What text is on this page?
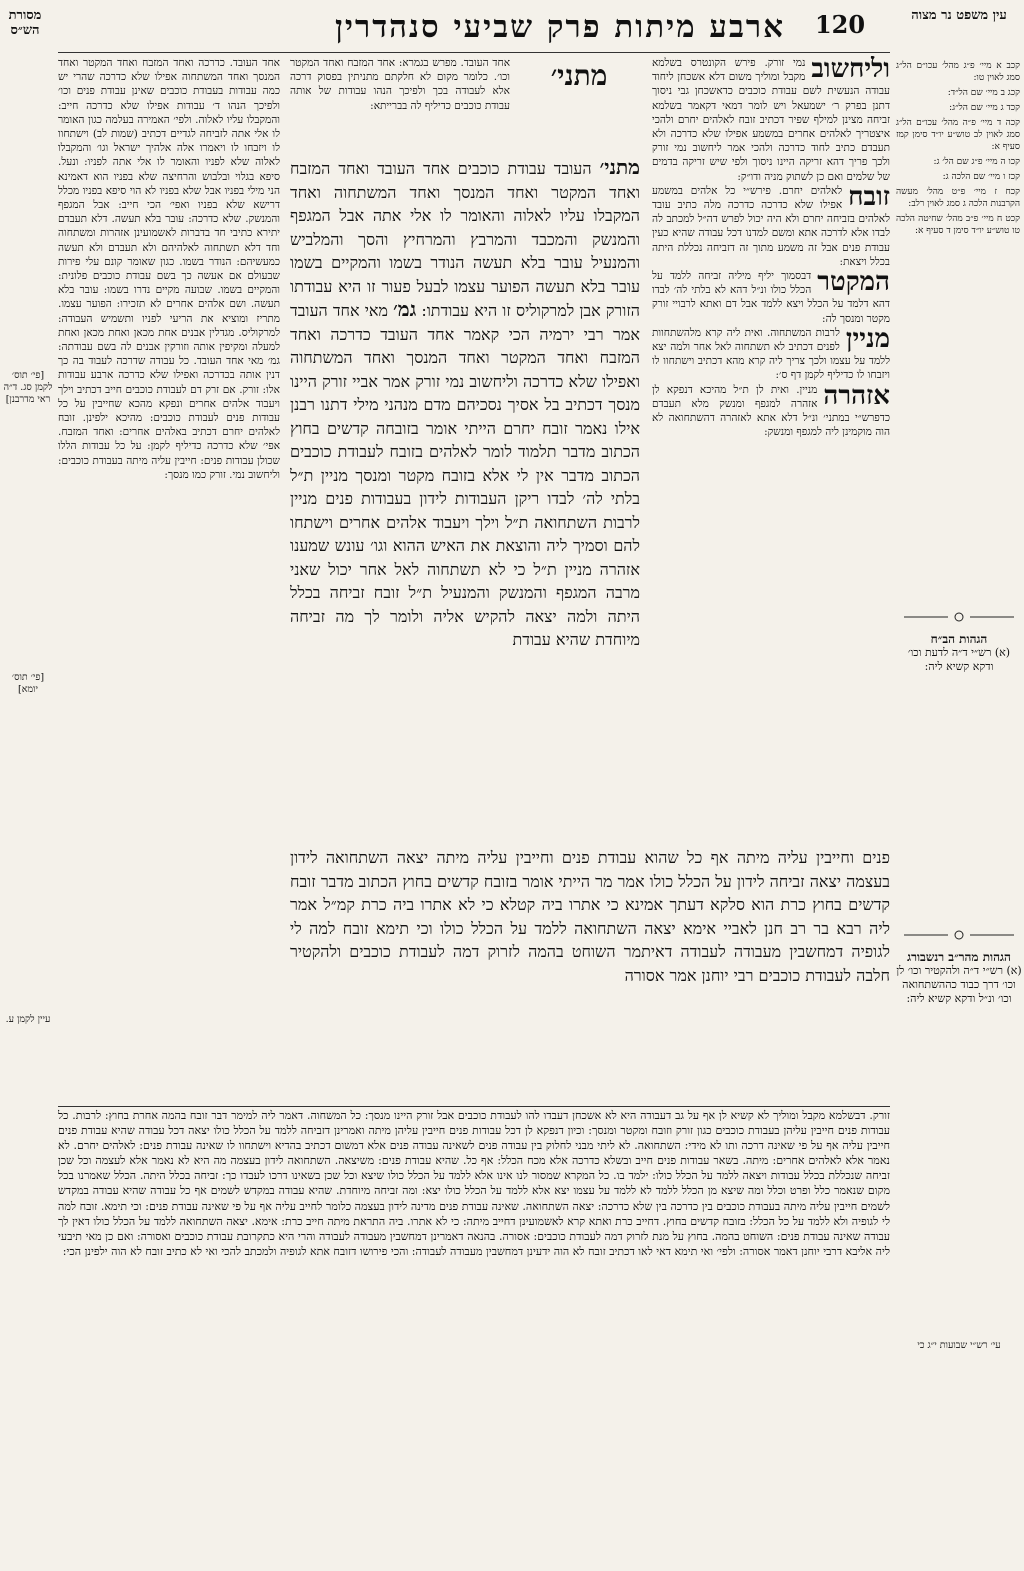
ארבע מיתות פרק שביעי סנהדרין	120	עין משפט נר מצוה
מסורת הש״ס
קכב א מיי׳ פ״ג מהל׳ עכו״ם הל״ג סמג לאוין טו:
קכג ב מיי׳ שם הל״ד:
קכד ג מיי׳ שם הל״ג:
קכה ד מיי׳ פ״ה מהל׳ עכו״ם הל״ג סמג לאוין לב טוש״ע יו״ד סימן קמז סעיף א:
קכו ה מיי׳ פ״ג שם הל׳ ג:
קכז ו מיי׳ שם הלכה ג:
קכח ז מיי׳ פ״ט מהל׳ מעשה הקרבנות הלכה ג סמג לאוין רלב:
קכט ח מיי׳ פ״ב מהל׳ שחיטה הלכה טו טוש״ע יו״ד סימן ד סעיף א:
וליחשוב
נמי זורק. פירש הקונטרס בשלמא מקבל ומוליך משום דלא אשכחן ליחוד עבודה הנעשית לשם עבודת כוכבים כדאשכחן גבי ניסוך דתנן בפרק ר׳ ישמעאל ויש לומר דמאי דקאמר בשלמא זביחה מצינן למילף שפיר דכתיב זובח לאלהים יחרם ולהכי איצטריך לאלהים אחרים במשמע אפילו שלא כדרכה ולא תעבדם כתיב לחוד כדרכה ולהכי אמר ליחשוב נמי זורק ולכך פריך דהא זריקה היינו ניסוך ולפי שיש זריקה בדמים של שלמים ואם כן לשתוק מניה ודו״ק:

זובח
לאלהים יחרם. פירש״י כל אלהים במשמע אפילו שלא כדרכה כדרכה מלה כתיב עובד לאלהים בזביחה יחרם ולא היה יכול לפרש דה״ל למכתב לה לבדו אלא לדרכה אתא ומשם למדנו דכל עבודה שהיא כעין עבודת פנים אבל זה משמע מתוך זה דזביחה נכללת היתה בכלל ויצאת:

המקטר
דבסמוך יליף מיליה זביחה ללמד על הכלל כולו ונ״ל דהא לא בלתי לה׳ לבדו דהא דלמד על הכלל ויצא ללמד אבל דם ואתא לרבויי זורק מקטר ומנסך לה:

מניין
לרבות המשתחוה. ואית ליה קרא מלהשתחוות לפנים דכתיב לא תשתחוה לאל אחר ולמה יצא ללמד על עצמו ולכך צריך ליה קרא מהא דכתיב וישתחוו לו ויזבחו לו כדיליף לקמן דף ס׳:

אזהרה
מניין. ואית לן ת״ל מהיכא דנפקא לן אזהרה למגפף ומנשק מלא תעבדם כדפרש״י במתני׳ ונ״ל דלא אתא לאזהרה דהשתחואה לא הוה מוקמינן ליה למגפף ומנשק:
מתני׳
אחד העובד. מפרש בגמרא: אחד המזבח ואחד המקטר וכו׳. כלומר מקום לא חלקתם מתניתין בפסוק דרכה אלא לעבודה בכך ולפיכך הנהו עבודות של אותה עבודת כוכבים כדיליף לה בברייתא:
מתני׳ העובד עבודת כוכבים אחד העובד ואחד המזבח ואחד המקטר ואחד המנסך ואחד המשתחוה ואחד המקבלו עליו לאלוה והאומר לו אלי אתה אבל המגפף והמנשק והמכבד והמרבץ והמרחיץ והסך והמלביש והמנעיל עובר בלא תעשה הנודר בשמו והמקיים בשמו עובר בלא תעשה הפוער עצמו לבעל פעור זו היא עבודתו הזורק אבן למרקוליס זו היא עבודתו: גמ׳ מאי אחד העובד אמר רבי ירמיה הכי קאמר אחד העובד כדרכה ואחד המזבח ואחד המקטר ואחד המנסך ואחד המשתחוה ואפילו שלא כדרכה וליחשוב נמי זורק אמר אביי זורק היינו מנסך דכתיב בל אסיך נסכיהם מדם מנהני מילי דתנו רבנן אילו נאמר זובח יחרם הייתי אומר בזובחה קדשים בחוץ הכתוב מדבר תלמוד לומר לאלהים בזובח לעבודת כוכבים הכתוב מדבר אין לי אלא בזובח מקטר ומנסך מניין ת״ל בלתי לה׳ לבדו ריקן העבודות לידון בעבודות פנים מניין לרבות השתחואה ת״ל וילך ויעבוד אלהים אחרים וישתחו להם וסמיך ליה והוצאת את האיש ההוא וגו׳ עונש שמענו אזהרה מניין ת״ל כי לא תשתחוה לאל אחר יכול שאני מרבה המגפף והמנשק והמנעיל ת״ל זובח זביחה בכלל היתה ולמה יצאה להקיש אליה ולומר לך מה זביחה מיוחדת שהיא עבודת
פנים וחייבין עליה מיתה אף כל שהוא עבודת פנים וחייבין עליה מיתה יצאה השתחואה לידון בעצמה יצאה זביחה לידון על הכלל כולו אמר מר הייתי אומר בזובח קדשים בחוץ הכתוב מדבר זובח קדשים בחוץ כרת הוא סלקא דעתך אמינא כי אתרו ביה קטלא כי לא אתרו ביה כרת קמ״ל אמר ליה רבא בר רב חנן לאביי אימא יצאה השתחואה ללמד על הכלל כולו וכי תימא זובח למה לי לגופיה דמחשבין מעבודה לעבודה דאיתמר השוחט בהמה לזרוק דמה לעבודת כוכבים ולהקטיר חלבה לעבודת כוכבים רבי יוחנן אמר אסורה
אחד העובד. כדרכה ואחד המזבח ואחד המקטר ואחד המנסך ואחד המשתחוה אפילו שלא כדרכה שהרי יש כמה עבודות בעבודת כוכבים שאינן עבודת פנים וכו׳ ולפיכך הנהו ד׳ עבודות אפילו שלא כדרכה חייב: והמקבלו עליו לאלוה. ולפי׳ האמירה בעלמה כגון האומר לו אלי אתה לזביחה לגדיים דכתיב (שמות לב) וישתחוו לו ויזבחו לו ויאמרו אלה אלהיך ישראל וגו׳ והמקבלו לאלוה שלא לפניו והאומר לו אלי אתה לפניו: ונעל. סיפא בגלוי ובלבוש והרחיצה שלא בפניו הוא דאמינא הני מילי בפניו אבל שלא בפניו לא הוי סיפא בפניו מכלל דרישא שלא בפניו ואפי׳ הכי חייב: אבל המגפף והמנשק. שלא כדרכה: עובר בלא תעשה. דלא תעבדם יתירא כתיבי חד בדברות לאשמועינן אזהרות ומשתחוה וחד דלא תשתחוה לאלהיהם ולא תעבדם ולא תעשה כמעשיהם: הנודר בשמו. כגון שאומר קונם עלי פירות שבעולם אם אעשה כך בשם עבודת כוכבים פלונית: והמקיים בשמו. שבועה מקיים נדרו בשמו: עובר בלא תעשה. ושם אלהים אחרים לא תזכירו: הפוער עצמו. מתריז ומוציא את הריעי לפניו ותשמיש העבודה: למרקוליס. מגדלין אבנים אחת מכאן ואחת מכאן ואחת למעלה ומקיפין אותה וזורקין אבנים לה בשם עבודתה: גמ׳ מאי אחד העובד. כל עבודה שדרכה לעבוד בה כך דנין אותה בכדרכה ואפילו שלא כדרכה ארבע עבודות אלו: זורק. אם זרק דם לעבודת כוכבים חייב דכתיב וילך ויעבוד אלהים אחרים ונפקא מהכא שחייבין על כל עבודות פנים לעבודת כוכבים: מהיכא ילפינן. זובח לאלהים יחרם דכתיב באלהים אחרים: ואחד המזבח. אפי׳ שלא כדרכה כדיליף לקמן: על כל עבודות הללו שכולן עבודות פנים: חייבין עליה מיתה בעבודת כוכבים: וליחשוב נמי. זורק כמו מנסך:
[פי׳ תוס׳ לקמן סג. ד״ה ראי מדרבנן]
[פי׳ תוס׳ יומא]
עיין לקמן ע.
עי׳ רש״י שבועות י״ג כי
זורק. דבשלמא מקבל ומוליך לא קשיא לן אף על גב דעבודה היא לא אשכחן דעבדו להו לעבודת כוכבים אבל זורק היינו מנסך: כל המשחוה. דאמר ליה למימר דבר זובח בהמה אחרת בחוץ: לרבות. כל עבודות פנים חייבין עליהן בעבודת כוכבים כגון זורק וזובח ומקטר ומנסך: וכיון דנפקא לן דכל עבודות פנים חייבין עליהן מיתה ואמרינן דזביחה ללמד על הכלל כולו יצאה דכל עבודה שהיא עבודת פנים חייבין עליה אף על פי שאינה דרכה ותו לא מידי: השתחואה. לא ליתי מבני לחלוק בין עבודה פנים לשאינה עבודה פנים אלא דמשום דכתיב בהדיא וישתחוו לו שאינה עבודת פנים: לאלהים יחרם. לא נאמר אלא לאלהים אחרים: מיתה. בשאר עבודות פנים חייב ובשלא כדרכה אלא מכח הכלל: אף כל. שהיא עבודת פנים: משיצאה. השתחואה לידון בעצמה מה היא לא נאמר אלא לעצמה וכל שכן זביחה שנכללת בכלל עבודות ויצאה ללמד על הכלל כולו: ילמד בו. כל המקרא שמסור לנו אינו אלא ללמד על הכלל כולו שיצא וכל שכן בשאינו דרכו לעבדו כך: זביחה בכלל היתה. הכלל שאמרנו בכל מקום שנאמר כלל ופרט וכלל ומה שיצא מן הכלל ללמד לא ללמד על עצמו יצא אלא ללמד על הכלל כולו יצא: ומה זביחה מיוחדת. שהיא עבודה במקדש לשמים אף כל עבודה שהיא עבודה במקדש לשמים חייבין עליה מיתה בעבודת כוכבים בין כדרכה בין שלא כדרכה: יצאה השתחואה. שאינה עבודת פנים מדינה לידון בעצמה כלומר לחייב עליה אף על פי שאינה עבודת פנים: וכי תימא. זובח למה לי לגופיה ולא ללמד על כל הכלל: בזובח קדשים בחוץ. דחייב כרת ואתא קרא לאשמועינן דחייב מיתה: כי לא אתרו. ביה התראת מיתה חייב כרת: אימא. יצאה השתחואה ללמד על הכלל כולו דאין לך עבודה שאינה עבודת פנים: השוחט בהמה. בחוץ על מנת לזרוק דמה לעבודת כוכבים: אסורה. בהנאה דאמרינן דמחשבין מעבודה לעבודה והרי היא כתקרובת עבודת כוכבים ואסורה: ואם כן מאי תיבעי ליה אליבא דרבי יוחנן דאמר אסורה: ולפי׳ ואי תימא דאי לאו דכתיב זובח לא הוה ידעינן דמחשבין מעבודה לעבודה: והכי פירושו דזובח אתא לגופיה ולמכתב להכי ואי לא כתיב זובח לא הוה ילפינן הכי:
הגהות הב״ח
(א) רש״י ד״ה לדעת וכו׳ ודקא קשיא ליה:
הגהות מהר״ב רנשבורג
(א) רש״י ד״ה ולהקטיר וכו׳ לן וכו׳ דרך כבוד כההשתחואה וכו׳ ונ״ל ודקא קשיא ליה:
